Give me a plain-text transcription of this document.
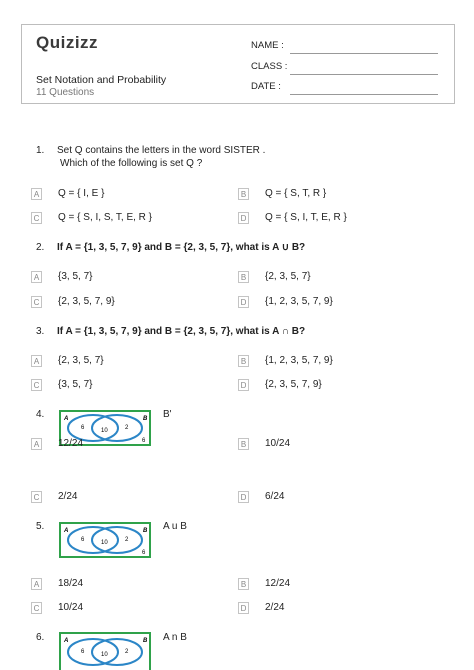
Quizizz
Set Notation and Probability
11 Questions
NAME :
CLASS :
DATE :
1. Set Q contains the letters in the word SISTER .
Which of the following is set Q ?
A Q = { I, E }	B Q = { S, T, R }
C Q = { S, I, S, T, E, R }	D Q = { S, I, T, E, R }
2. If A = {1, 3, 5, 7, 9} and B = {2, 3, 5, 7}, what is A ∪ B?
A {3, 5, 7}	B {2, 3, 5, 7}
C {2, 3, 5, 7, 9}	D {1, 2, 3, 5, 7, 9}
3. If A = {1, 3, 5, 7, 9} and B = {2, 3, 5, 7}, what is A ∩ B?
A {2, 3, 5, 7}	B {1, 2, 3, 5, 7, 9}
C {3, 5, 7}	D {2, 3, 5, 7, 9}
4.	A	B
6	10	2
6
B'
A 12/24	B 10/24
C 2/24	D 6/24
5.	A	B
6	10	2
6
A u B
A 18/24	B 12/24
C 10/24	D 2/24
6.	A	B
6	10	2
A n B
